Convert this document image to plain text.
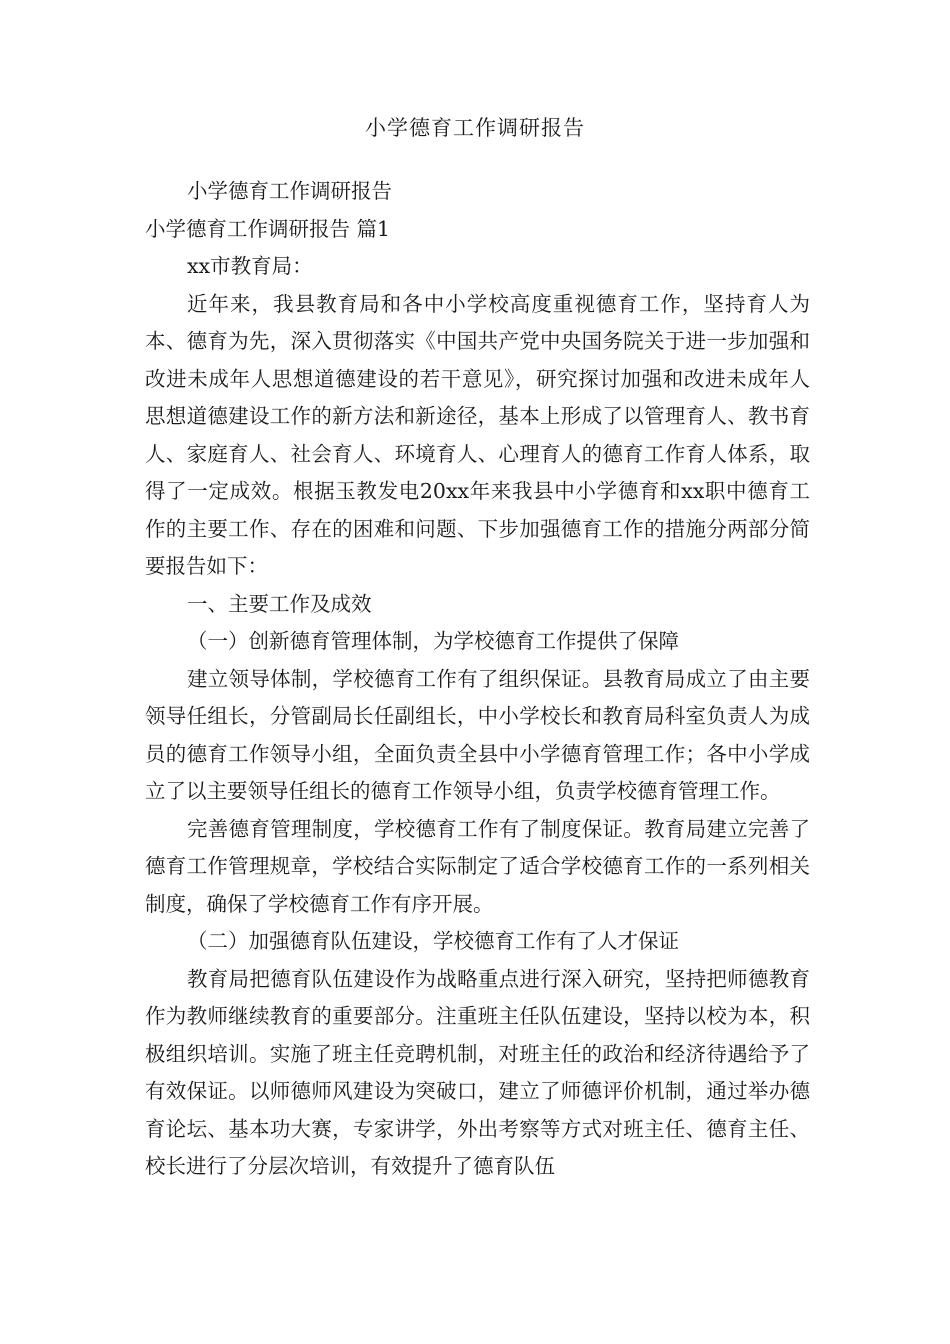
小学德育工作调研报告

小学德育工作调研报告

小学德育工作调研报告 篇1

xx市教育局：

近年来，我县教育局和各中小学校高度重视德育工作，坚持育人为本、德育为先，深入贯彻落实《中国共产党中央国务院关于进一步加强和改进未成年人思想道德建设的若干意见》，研究探讨加强和改进未成年人思想道德建设工作的新方法和新途径，基本上形成了以管理育人、教书育人、家庭育人、社会育人、环境育人、心理育人的德育工作育人体系，取得了一定成效。根据玉教发电20xx年来我县中小学德育和xx职中德育工作的主要工作、存在的困难和问题、下步加强德育工作的措施分两部分简要报告如下：

一、主要工作及成效

（一）创新德育管理体制，为学校德育工作提供了保障

建立领导体制，学校德育工作有了组织保证。县教育局成立了由主要领导任组长，分管副局长任副组长，中小学校长和教育局科室负责人为成员的德育工作领导小组，全面负责全县中小学德育管理工作；各中小学成立了以主要领导任组长的德育工作领导小组，负责学校德育管理工作。

完善德育管理制度，学校德育工作有了制度保证。教育局建立完善了德育工作管理规章，学校结合实际制定了适合学校德育工作的一系列相关制度，确保了学校德育工作有序开展。

（二）加强德育队伍建设，学校德育工作有了人才保证

教育局把德育队伍建设作为战略重点进行深入研究，坚持把师德教育作为教师继续教育的重要部分。注重班主任队伍建设，坚持以校为本，积极组织培训。实施了班主任竞聘机制，对班主任的政治和经济待遇给予了有效保证。以师德师风建设为突破口，建立了师德评价机制，通过举办德育论坛、基本功大赛，专家讲学，外出考察等方式对班主任、德育主任、校长进行了分层次培训，有效提升了德育队伍
